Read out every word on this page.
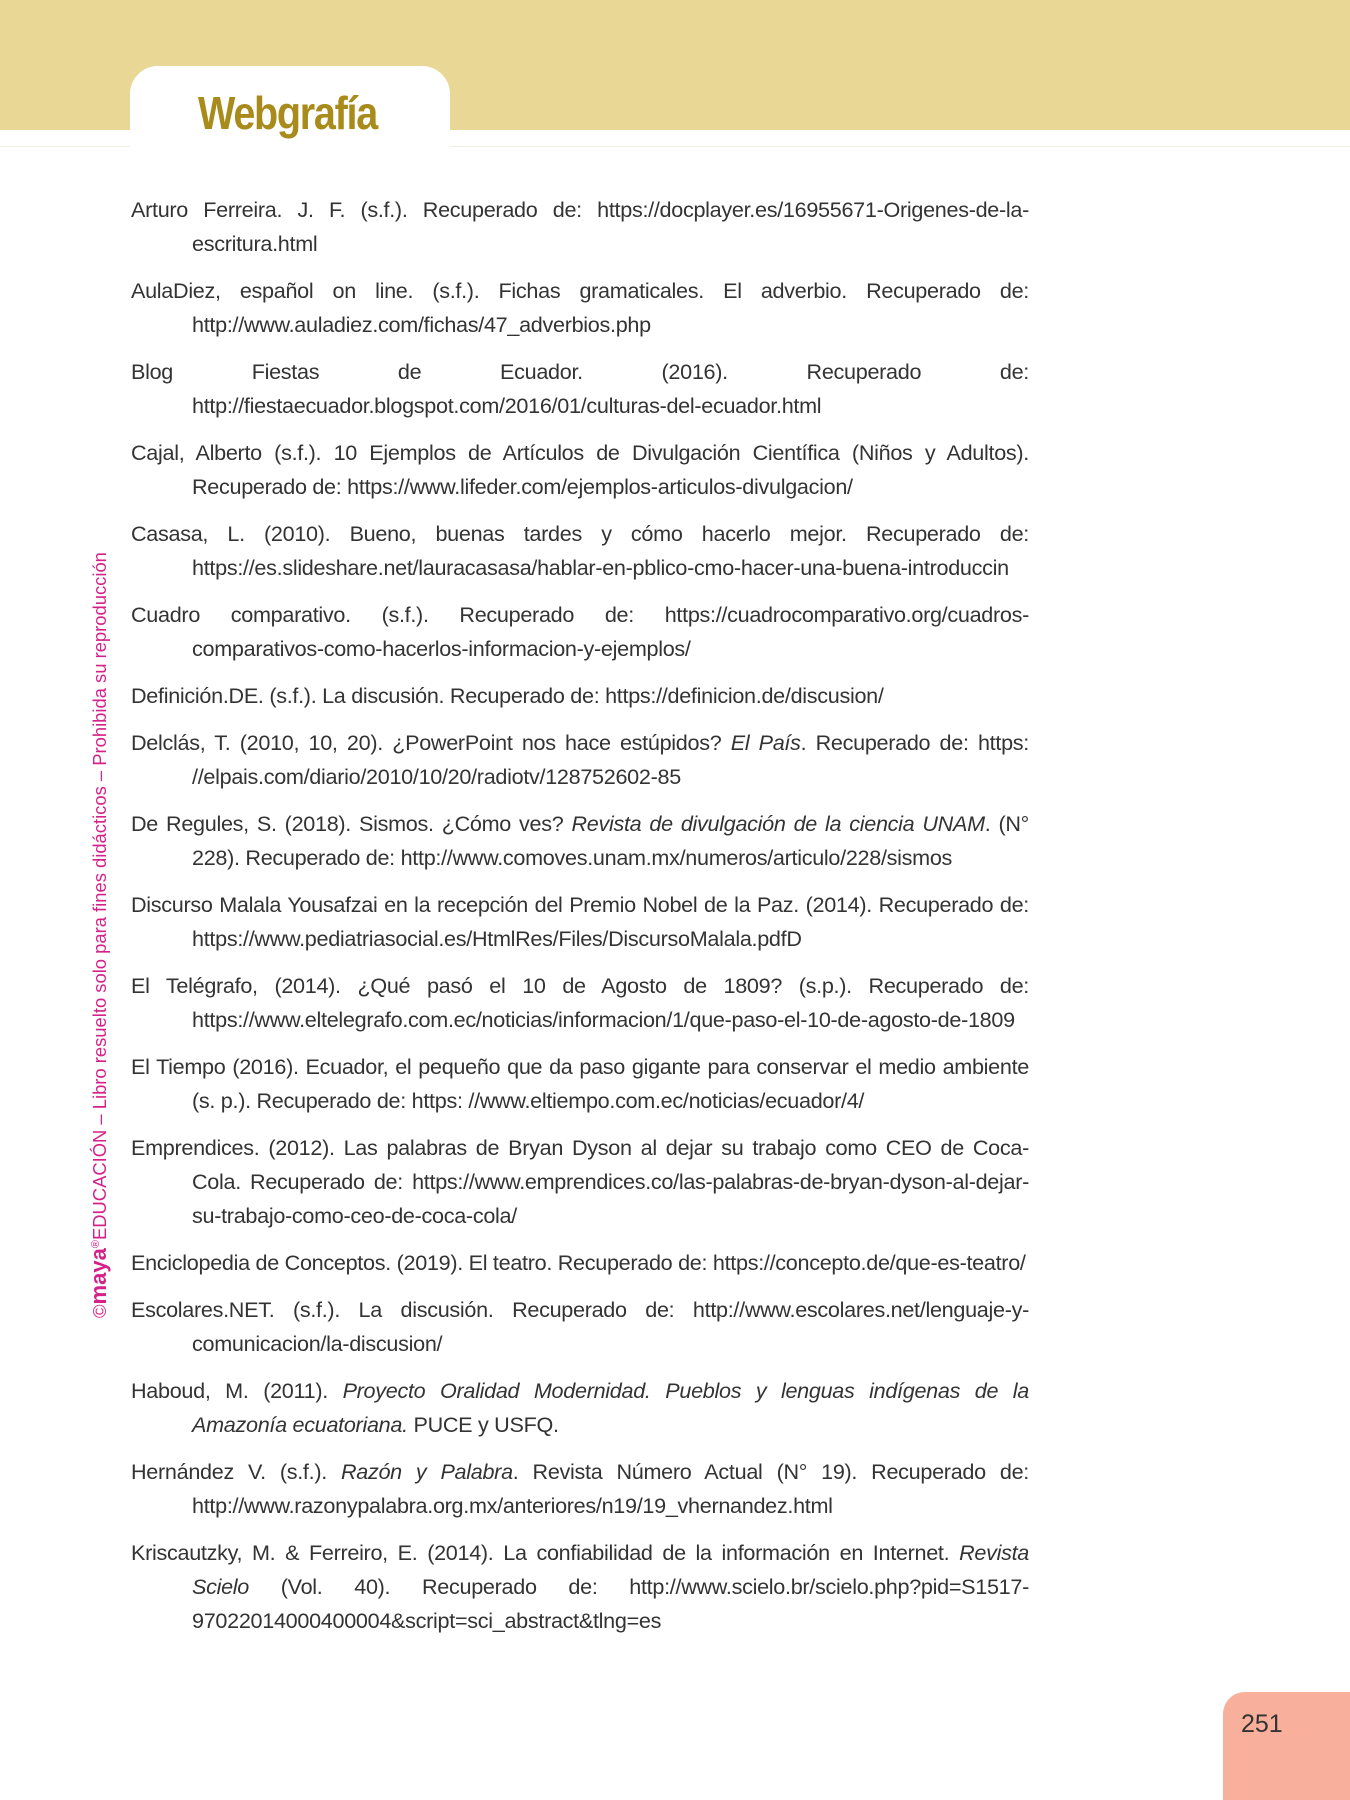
Webgrafía
©maya®EDUCACIÓN – Libro resuelto solo para fines didácticos – Prohibida su reproducción
Arturo Ferreira. J. F. (s.f.). Recuperado de: https://docplayer.es/16955671-Origenes-de-la-escritura.html
AulaDiez, español on line. (s.f.). Fichas gramaticales. El adverbio. Recuperado de: http://www.auladiez.com/fichas/47_adverbios.php
Blog Fiestas de Ecuador. (2016). Recuperado de: http://fiestaecuador.blogspot.com/2016/01/culturas-del-ecuador.html
Cajal, Alberto (s.f.). 10 Ejemplos de Artículos de Divulgación Científica (Niños y Adultos). Recuperado de: https://www.lifeder.com/ejemplos-articulos-divulgacion/
Casasa, L. (2010). Bueno, buenas tardes y cómo hacerlo mejor. Recuperado de: https://es.slideshare.net/lauracasasa/hablar-en-pblico-cmo-hacer-una-buena-introduccin
Cuadro comparativo. (s.f.). Recuperado de: https://cuadrocomparativo.org/cuadros-comparativos-como-hacerlos-informacion-y-ejemplos/
Definición.DE. (s.f.). La discusión. Recuperado de: https://definicion.de/discusion/
Delclás, T. (2010, 10, 20). ¿PowerPoint nos hace estúpidos? El País. Recuperado de: https: //elpais.com/diario/2010/10/20/radiotv/128752602-85
De Regules, S. (2018). Sismos. ¿Cómo ves? Revista de divulgación de la ciencia UNAM. (N° 228). Recuperado de: http://www.comoves.unam.mx/numeros/articulo/228/sismos
Discurso Malala Yousafzai en la recepción del Premio Nobel de la Paz. (2014). Recuperado de: https://www.pediatriasocial.es/HtmlRes/Files/DiscursoMalala.pdfD
El Telégrafo, (2014). ¿Qué pasó el 10 de Agosto de 1809? (s.p.). Recuperado de: https://www.eltelegrafo.com.ec/noticias/informacion/1/que-paso-el-10-de-agosto-de-1809
El Tiempo (2016). Ecuador, el pequeño que da paso gigante para conservar el medio ambiente (s. p.). Recuperado de: https: //www.eltiempo.com.ec/noticias/ecuador/4/
Emprendices. (2012). Las palabras de Bryan Dyson al dejar su trabajo como CEO de Coca-Cola. Recuperado de: https://www.emprendices.co/las-palabras-de-bryan-dyson-al-dejar-su-trabajo-como-ceo-de-coca-cola/
Enciclopedia de Conceptos. (2019). El teatro. Recuperado de: https://concepto.de/que-es-teatro/
Escolares.NET. (s.f.). La discusión. Recuperado de: http://www.escolares.net/lenguaje-y-comunicacion/la-discusion/
Haboud, M. (2011). Proyecto Oralidad Modernidad. Pueblos y lenguas indígenas de la Amazonía ecuatoriana. PUCE y USFQ.
Hernández V. (s.f.). Razón y Palabra. Revista Número Actual (N° 19). Recuperado de: http://www.razonypalabra.org.mx/anteriores/n19/19_vhernandez.html
Kriscautzky, M. & Ferreiro, E. (2014). La confiabilidad de la información en Internet. Revista Scielo (Vol. 40). Recuperado de: http://www.scielo.br/scielo.php?pid=S1517-97022014000400004&script=sci_abstract&tlng=es
251
